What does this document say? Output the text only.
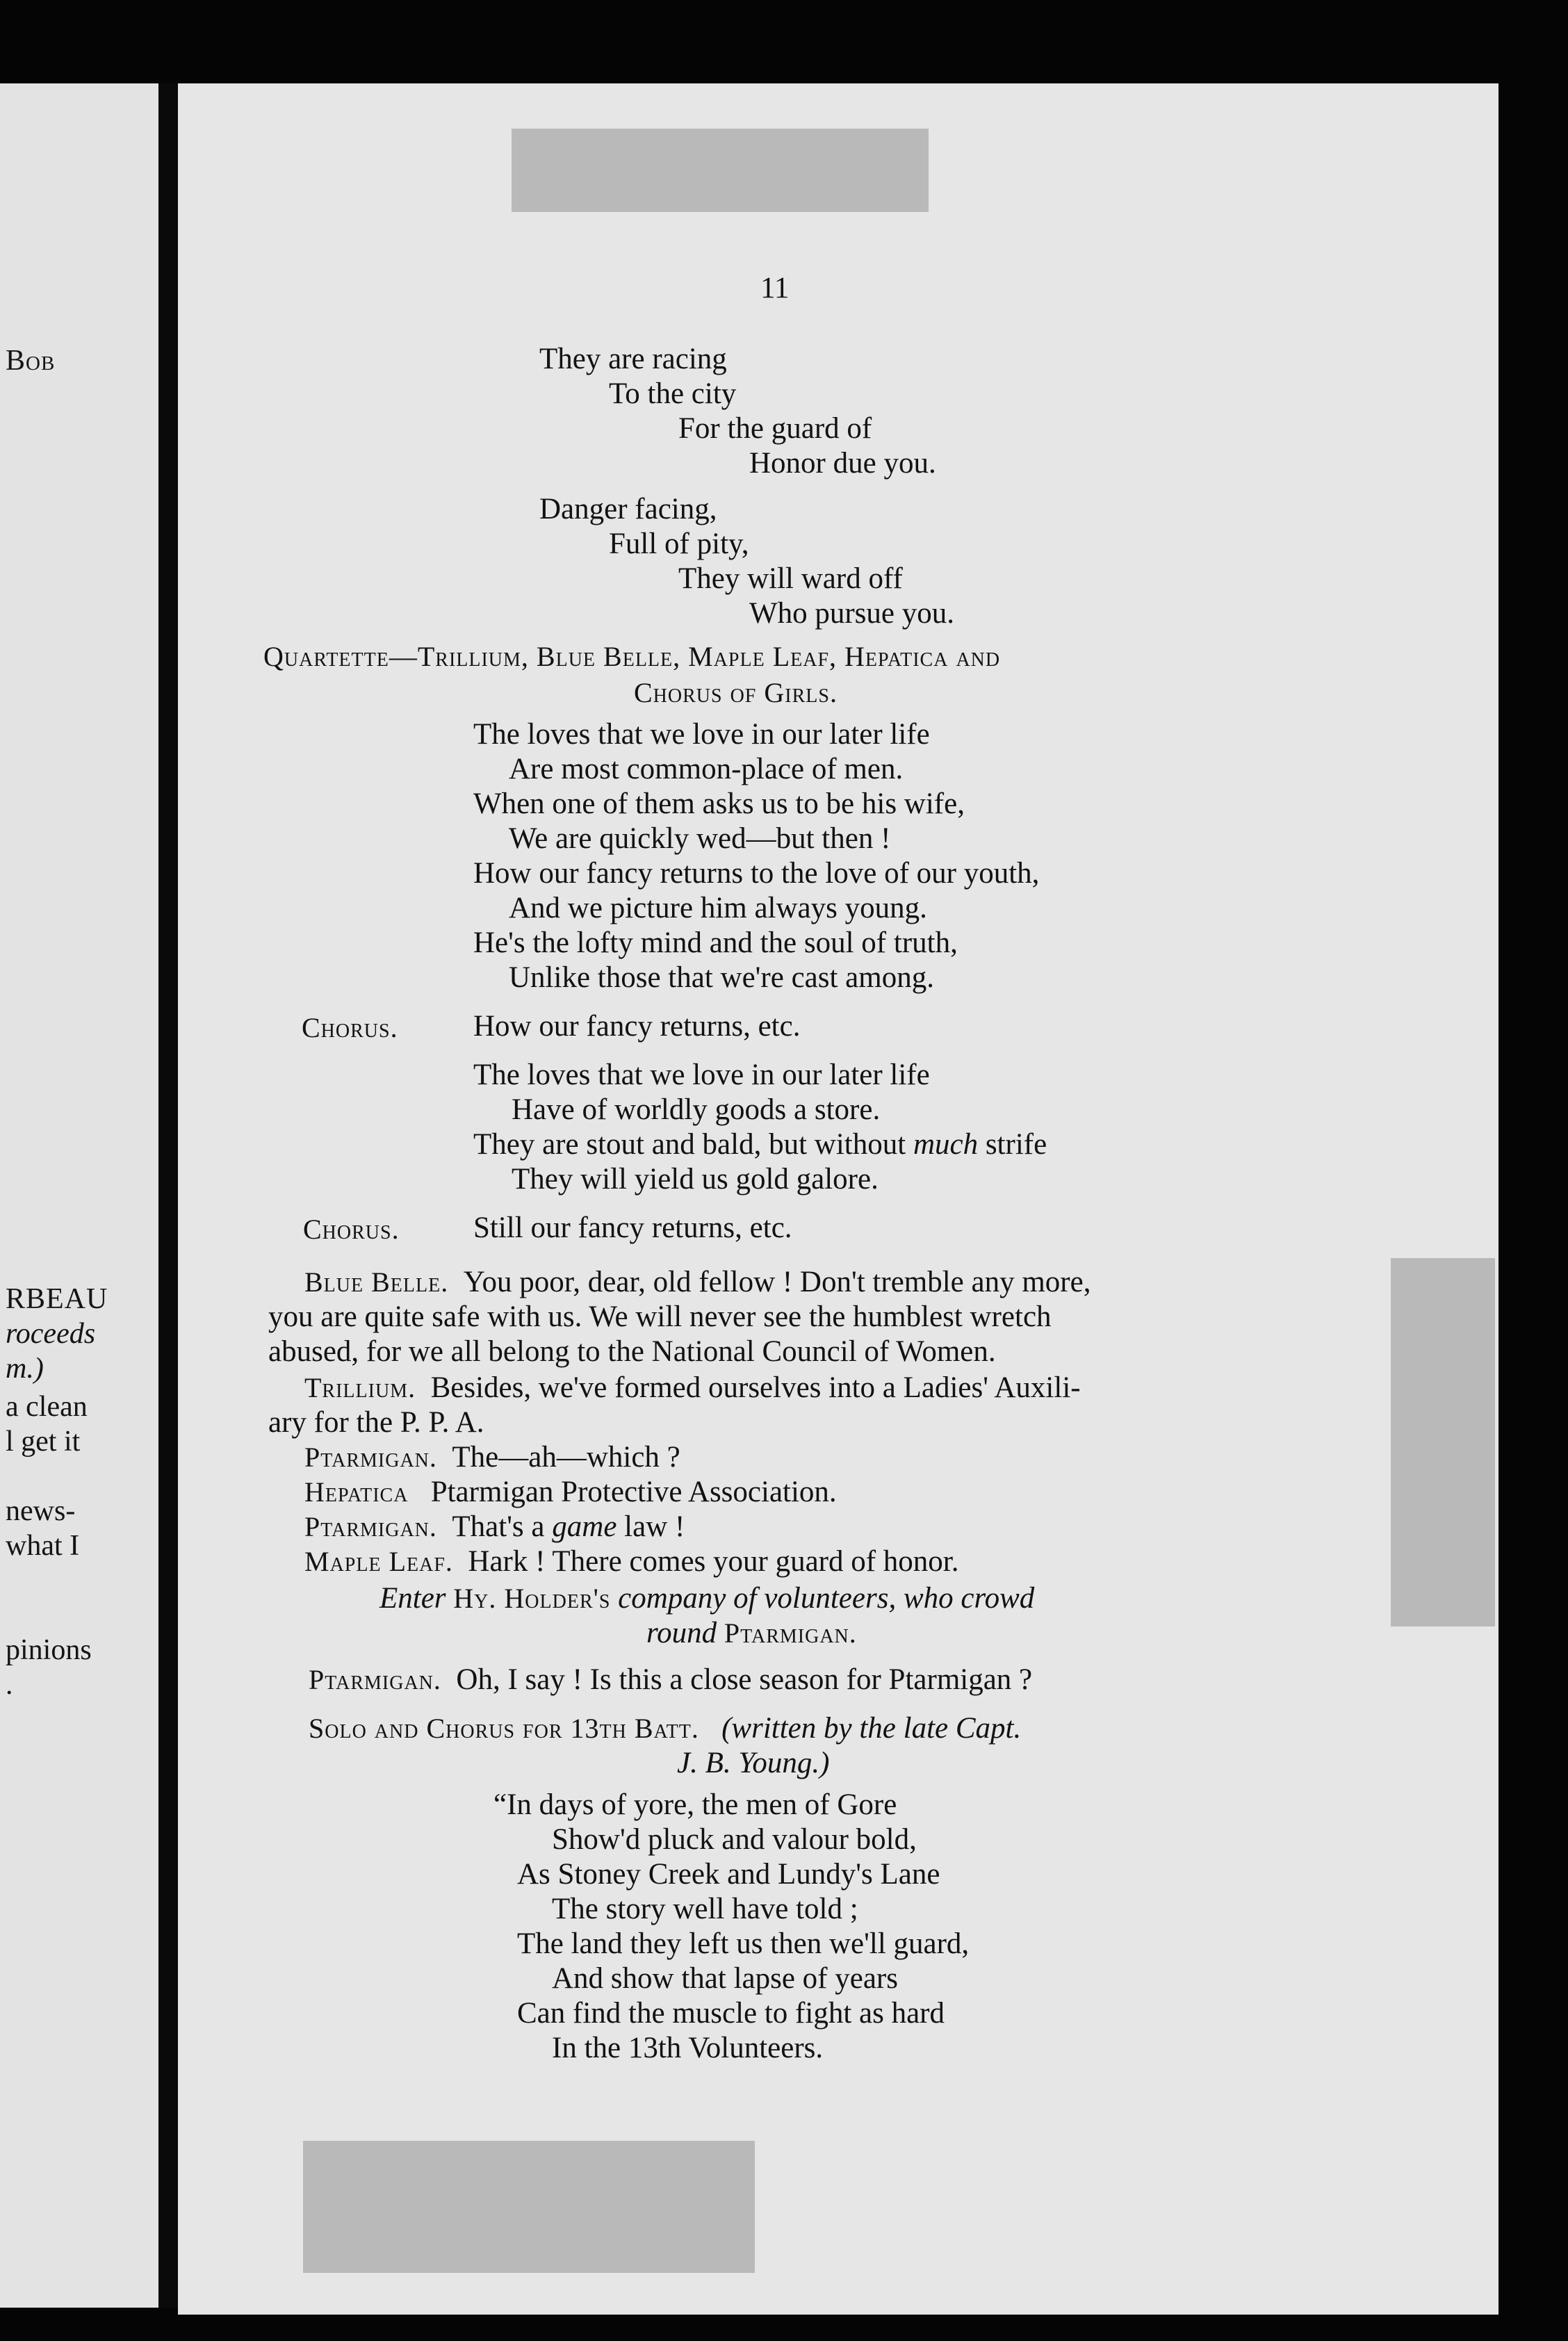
Bob
RBEAU
roceeds
m.)
a clean
l get it
news-
what I
pinions
.
11
They are racing
To the city
For the guard of
Honor due you.
Danger facing,
Full of pity,
They will ward off
Who pursue you.
Quartette—Trillium, Blue Belle, Maple Leaf, Hepatica and
Chorus of Girls.
The loves that we love in our later life
Are most common-place of men.
When one of them asks us to be his wife,
We are quickly wed—but then !
How our fancy returns to the love of our youth,
And we picture him always young.
He's the lofty mind and the soul of truth,
Unlike those that we're cast among.
Chorus.	How our fancy returns, etc.
The loves that we love in our later life
Have of worldly goods a store.
They are stout and bald, but without much strife
They will yield us gold galore.
Chorus. Still our fancy returns, etc.
Blue Belle. You poor, dear, old fellow ! Don't tremble any more,
you are quite safe with us. We will never see the humblest wretch
abused, for we all belong to the National Council of Women.
Trillium. Besides, we've formed ourselves into a Ladies' Auxili-
ary for the P. P. A.
Ptarmigan. The—ah—which ?
Hepatica Ptarmigan Protective Association.
Ptarmigan. That's a game law !
Maple Leaf. Hark ! There comes your guard of honor.
Enter Hy. Holder's company of volunteers, who crowd
round Ptarmigan.
Ptarmigan. Oh, I say ! Is this a close season for Ptarmigan ?
Solo and Chorus for 13th Batt. (written by the late Capt.
J. B. Young.)
“In days of yore, the men of Gore
Show'd pluck and valour bold,
As Stoney Creek and Lundy's Lane
The story well have told ;
The land they left us then we'll guard,
And show that lapse of years
Can find the muscle to fight as hard
In the 13th Volunteers.
